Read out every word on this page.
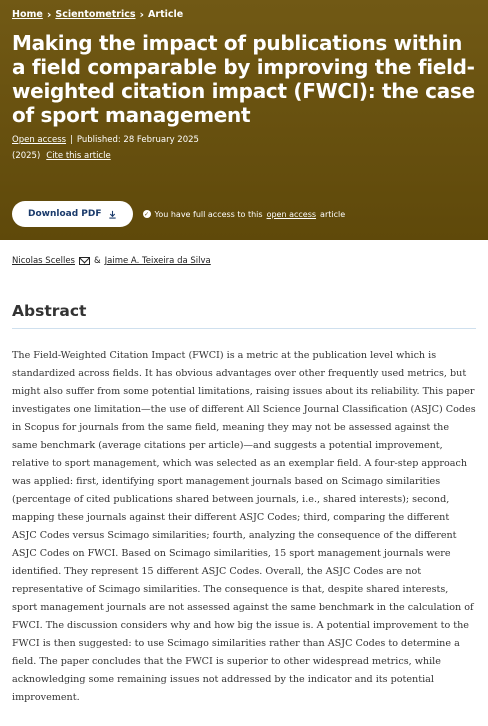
Home › Scientometrics › Article
Making the impact of publications within a field comparable by improving the field-weighted citation impact (FWCI): the case of sport management
Open access | Published: 28 February 2025
(2025) Cite this article
Download PDF	✓ You have full access to this open access article
Nicolas Scelles & Jaime A. Teixeira da Silva
Abstract

The Field-Weighted Citation Impact (FWCI) is a metric at the publication level which is standardized across fields. It has obvious advantages over other frequently used metrics, but might also suffer from some potential limitations, raising issues about its reliability. This paper investigates one limitation—the use of different All Science Journal Classification (ASJC) Codes in Scopus for journals from the same field, meaning they may not be assessed against the same benchmark (average citations per article)—and suggests a potential improvement, relative to sport management, which was selected as an exemplar field. A four-step approach was applied: first, identifying sport management journals based on Scimago similarities (percentage of cited publications shared between journals, i.e., shared interests); second, mapping these journals against their different ASJC Codes; third, comparing the different ASJC Codes versus Scimago similarities; fourth, analyzing the consequence of the different ASJC Codes on FWCI. Based on Scimago similarities, 15 sport management journals were identified. They represent 15 different ASJC Codes. Overall, the ASJC Codes are not representative of Scimago similarities. The consequence is that, despite shared interests, sport management journals are not assessed against the same benchmark in the calculation of FWCI. The discussion considers why and how big the issue is. A potential improvement to the FWCI is then suggested: to use Scimago similarities rather than ASJC Codes to determine a field. The paper concludes that the FWCI is superior to other widespread metrics, while acknowledging some remaining issues not addressed by the indicator and its potential improvement.
